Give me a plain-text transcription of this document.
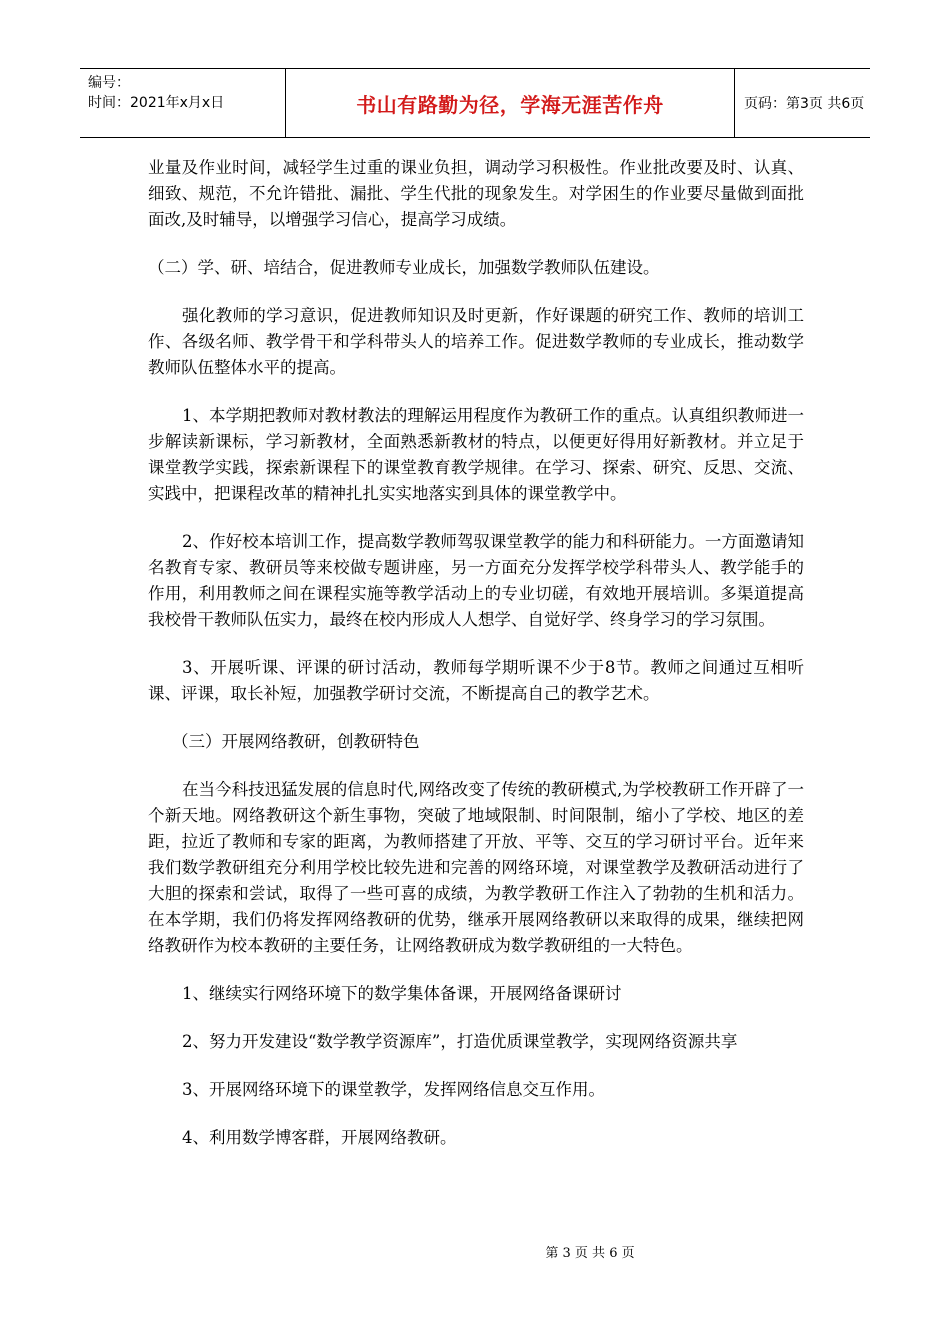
编号：
时间：2021年x月x日	书山有路勤为径，学海无涯苦作舟	页码：第3页 共6页

业量及作业时间，减轻学生过重的课业负担，调动学习积极性。作业批改要及时、认真、细致、规范，不允许错批、漏批、学生代批的现象发生。对学困生的作业要尽量做到面批面改,及时辅导，以增强学习信心，提高学习成绩。

（二）学、研、培结合，促进教师专业成长，加强数学教师队伍建设。

强化教师的学习意识，促进教师知识及时更新，作好课题的研究工作、教师的培训工作、各级名师、教学骨干和学科带头人的培养工作。促进数学教师的专业成长，推动数学教师队伍整体水平的提高。

1、本学期把教师对教材教法的理解运用程度作为教研工作的重点。认真组织教师进一步解读新课标，学习新教材，全面熟悉新教材的特点，以便更好得用好新教材。并立足于课堂教学实践，探索新课程下的课堂教育教学规律。在学习、探索、研究、反思、交流、实践中，把课程改革的精神扎扎实实地落实到具体的课堂教学中。

2、作好校本培训工作，提高数学教师驾驭课堂教学的能力和科研能力。一方面邀请知名教育专家、教研员等来校做专题讲座，另一方面充分发挥学校学科带头人、教学能手的作用，利用教师之间在课程实施等教学活动上的专业切磋，有效地开展培训。多渠道提高我校骨干教师队伍实力，最终在校内形成人人想学、自觉好学、终身学习的学习氛围。

3、开展听课、评课的研讨活动，教师每学期听课不少于8节。教师之间通过互相听课、评课，取长补短，加强教学研讨交流，不断提高自己的教学艺术。

（三）开展网络教研，创教研特色

在当今科技迅猛发展的信息时代,网络改变了传统的教研模式,为学校教研工作开辟了一个新天地。网络教研这个新生事物，突破了地域限制、时间限制，缩小了学校、地区的差距，拉近了教师和专家的距离，为教师搭建了开放、平等、交互的学习研讨平台。近年来我们数学教研组充分利用学校比较先进和完善的网络环境，对课堂教学及教研活动进行了大胆的探索和尝试，取得了一些可喜的成绩，为教学教研工作注入了勃勃的生机和活力。在本学期，我们仍将发挥网络教研的优势，继承开展网络教研以来取得的成果，继续把网络教研作为校本教研的主要任务，让网络教研成为数学教研组的一大特色。

1、继续实行网络环境下的数学集体备课，开展网络备课研讨

2、努力开发建设“数学教学资源库”，打造优质课堂教学，实现网络资源共享

3、开展网络环境下的课堂教学，发挥网络信息交互作用。

4、利用数学博客群，开展网络教研。

第 3 页 共 6 页
